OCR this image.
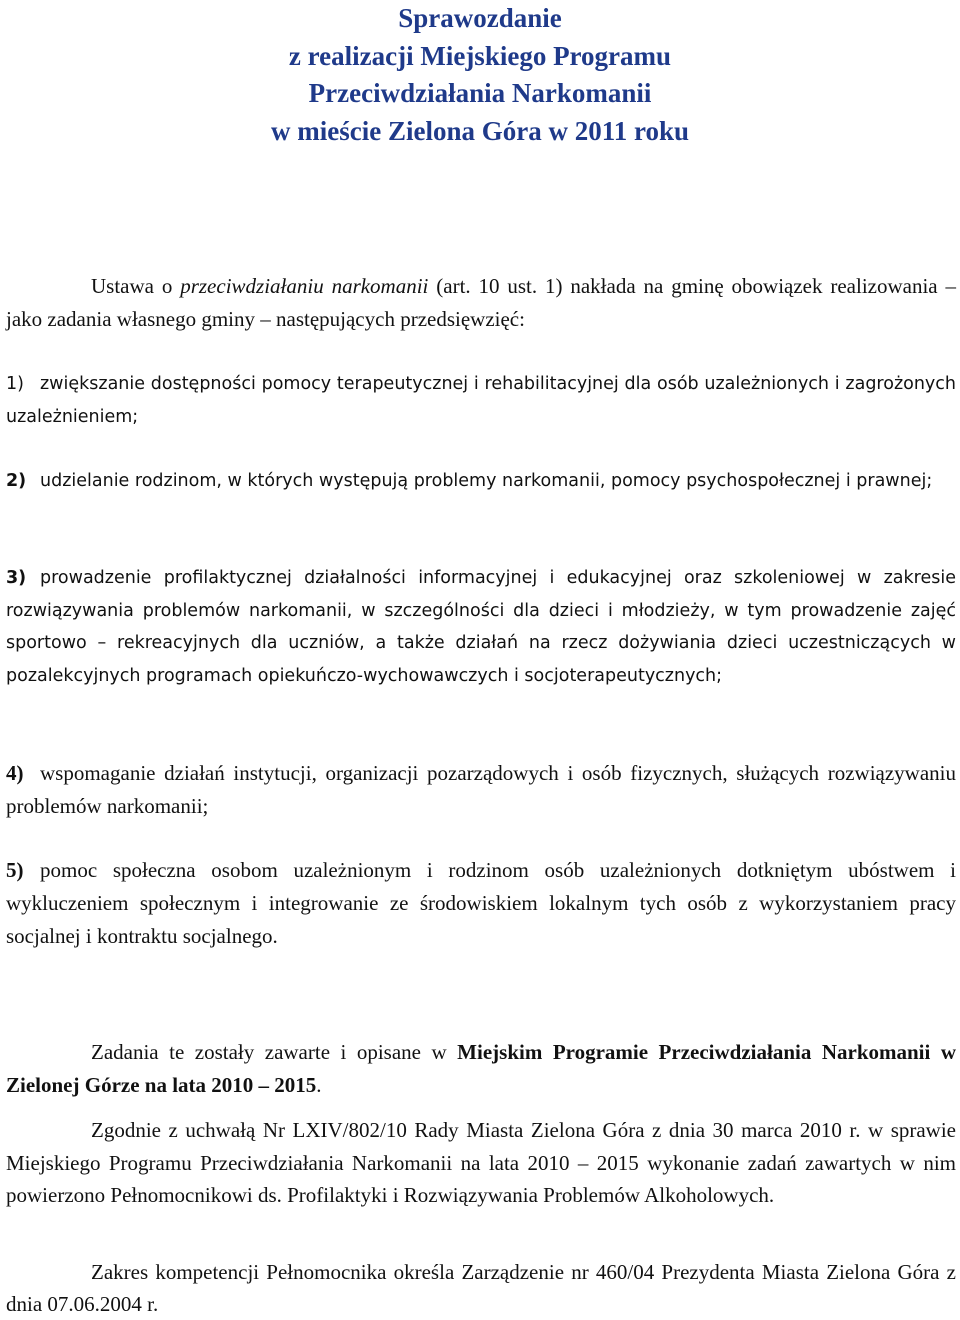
Sprawozdanie
z realizacji Miejskiego Programu
Przeciwdziałania Narkomanii
w mieście Zielona Góra w 2011 roku

Ustawa o przeciwdziałaniu narkomanii (art. 10 ust. 1) nakłada na gminę obowiązek realizowania – jako zadania własnego gminy – następujących przedsięwzięć:

1) zwiększanie dostępności pomocy terapeutycznej i rehabilitacyjnej dla osób uzależnionych i zagrożonych uzależnieniem;
2) udzielanie rodzinom, w których występują problemy narkomanii, pomocy psychospołecznej i prawnej;
3) prowadzenie profilaktycznej działalności informacyjnej i edukacyjnej oraz szkoleniowej w zakresie rozwiązywania problemów narkomanii, w szczególności dla dzieci i młodzieży, w tym prowadzenie zajęć sportowo – rekreacyjnych dla uczniów, a także działań na rzecz dożywiania dzieci uczestniczących w pozalekcyjnych programach opiekuńczo-wychowawczych i socjoterapeutycznych;
4) wspomaganie działań instytucji, organizacji pozarządowych i osób fizycznych, służących rozwiązywaniu problemów narkomanii;
5) pomoc społeczna osobom uzależnionym i rodzinom osób uzależnionych dotkniętym ubóstwem i wykluczeniem społecznym i integrowanie ze środowiskiem lokalnym tych osób z wykorzystaniem pracy socjalnej i kontraktu socjalnego.

Zadania te zostały zawarte i opisane w Miejskim Programie Przeciwdziałania Narkomanii w Zielonej Górze na lata 2010 – 2015.

Zgodnie z uchwałą Nr LXIV/802/10 Rady Miasta Zielona Góra z dnia 30 marca 2010 r. w sprawie Miejskiego Programu Przeciwdziałania Narkomanii na lata 2010 – 2015 wykonanie zadań zawartych w nim powierzono Pełnomocnikowi ds. Profilaktyki i Rozwiązywania Problemów Alkoholowych.

Zakres kompetencji Pełnomocnika określa Zarządzenie nr 460/04 Prezydenta Miasta Zielona Góra z dnia 07.06.2004 r.
